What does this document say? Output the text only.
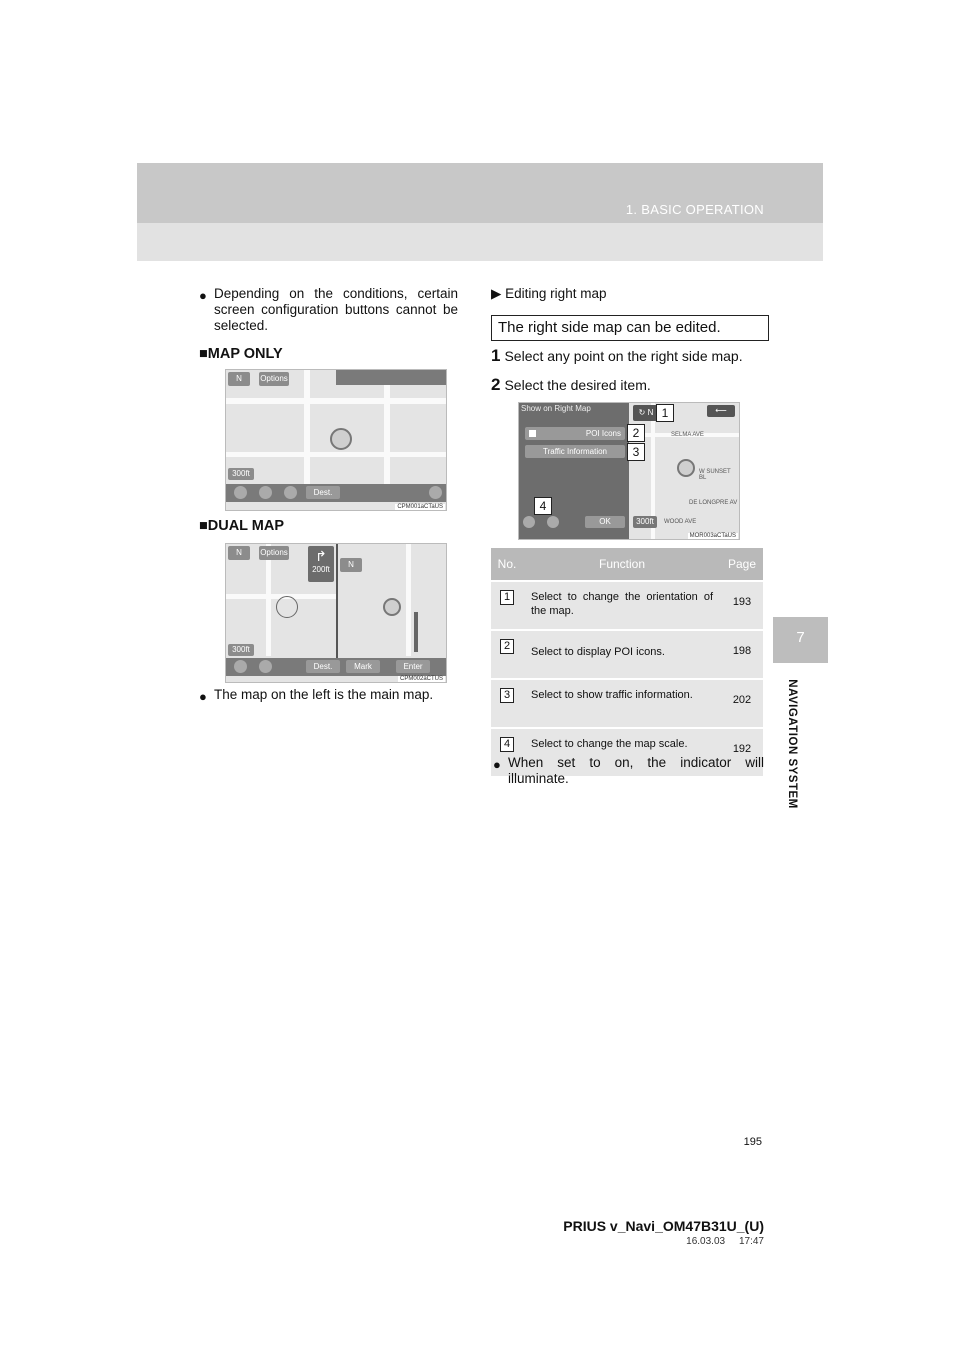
1. BASIC OPERATION
7
NAVIGATION SYSTEM
● Depending on the conditions, certain screen configuration buttons cannot be selected.
■MAP ONLY
N	Options
300ft
Dest.
CPM001aCTaUS
■DUAL MAP
N	Options	↱
200ft
N
300ft
Dest.	Mark	Enter
CPM002aCTUS
● The map on the left is the main map.
▶ Editing right map
The right side map can be edited.
1 Select any point on the right side map.
2 Select the desired item.
Show on Right Map
SELMA AVE
W SUNSET BL
DE LONGPRE AV
WOOD AVE
↻ N	⟵
POI Icons
Traffic Information
OK	300ft
MOR003aCTaUS
1
2
3
4
No.	Function	Page
1	Select to change the orientation of the map.	193
2	Select to display POI icons.	198
3	Select to show traffic information.	202
4	Select to change the map scale.	192
● When set to on, the indicator will illuminate.
195
PRIUS v_Navi_OM47B31U_(U)
16.03.03     17:47
